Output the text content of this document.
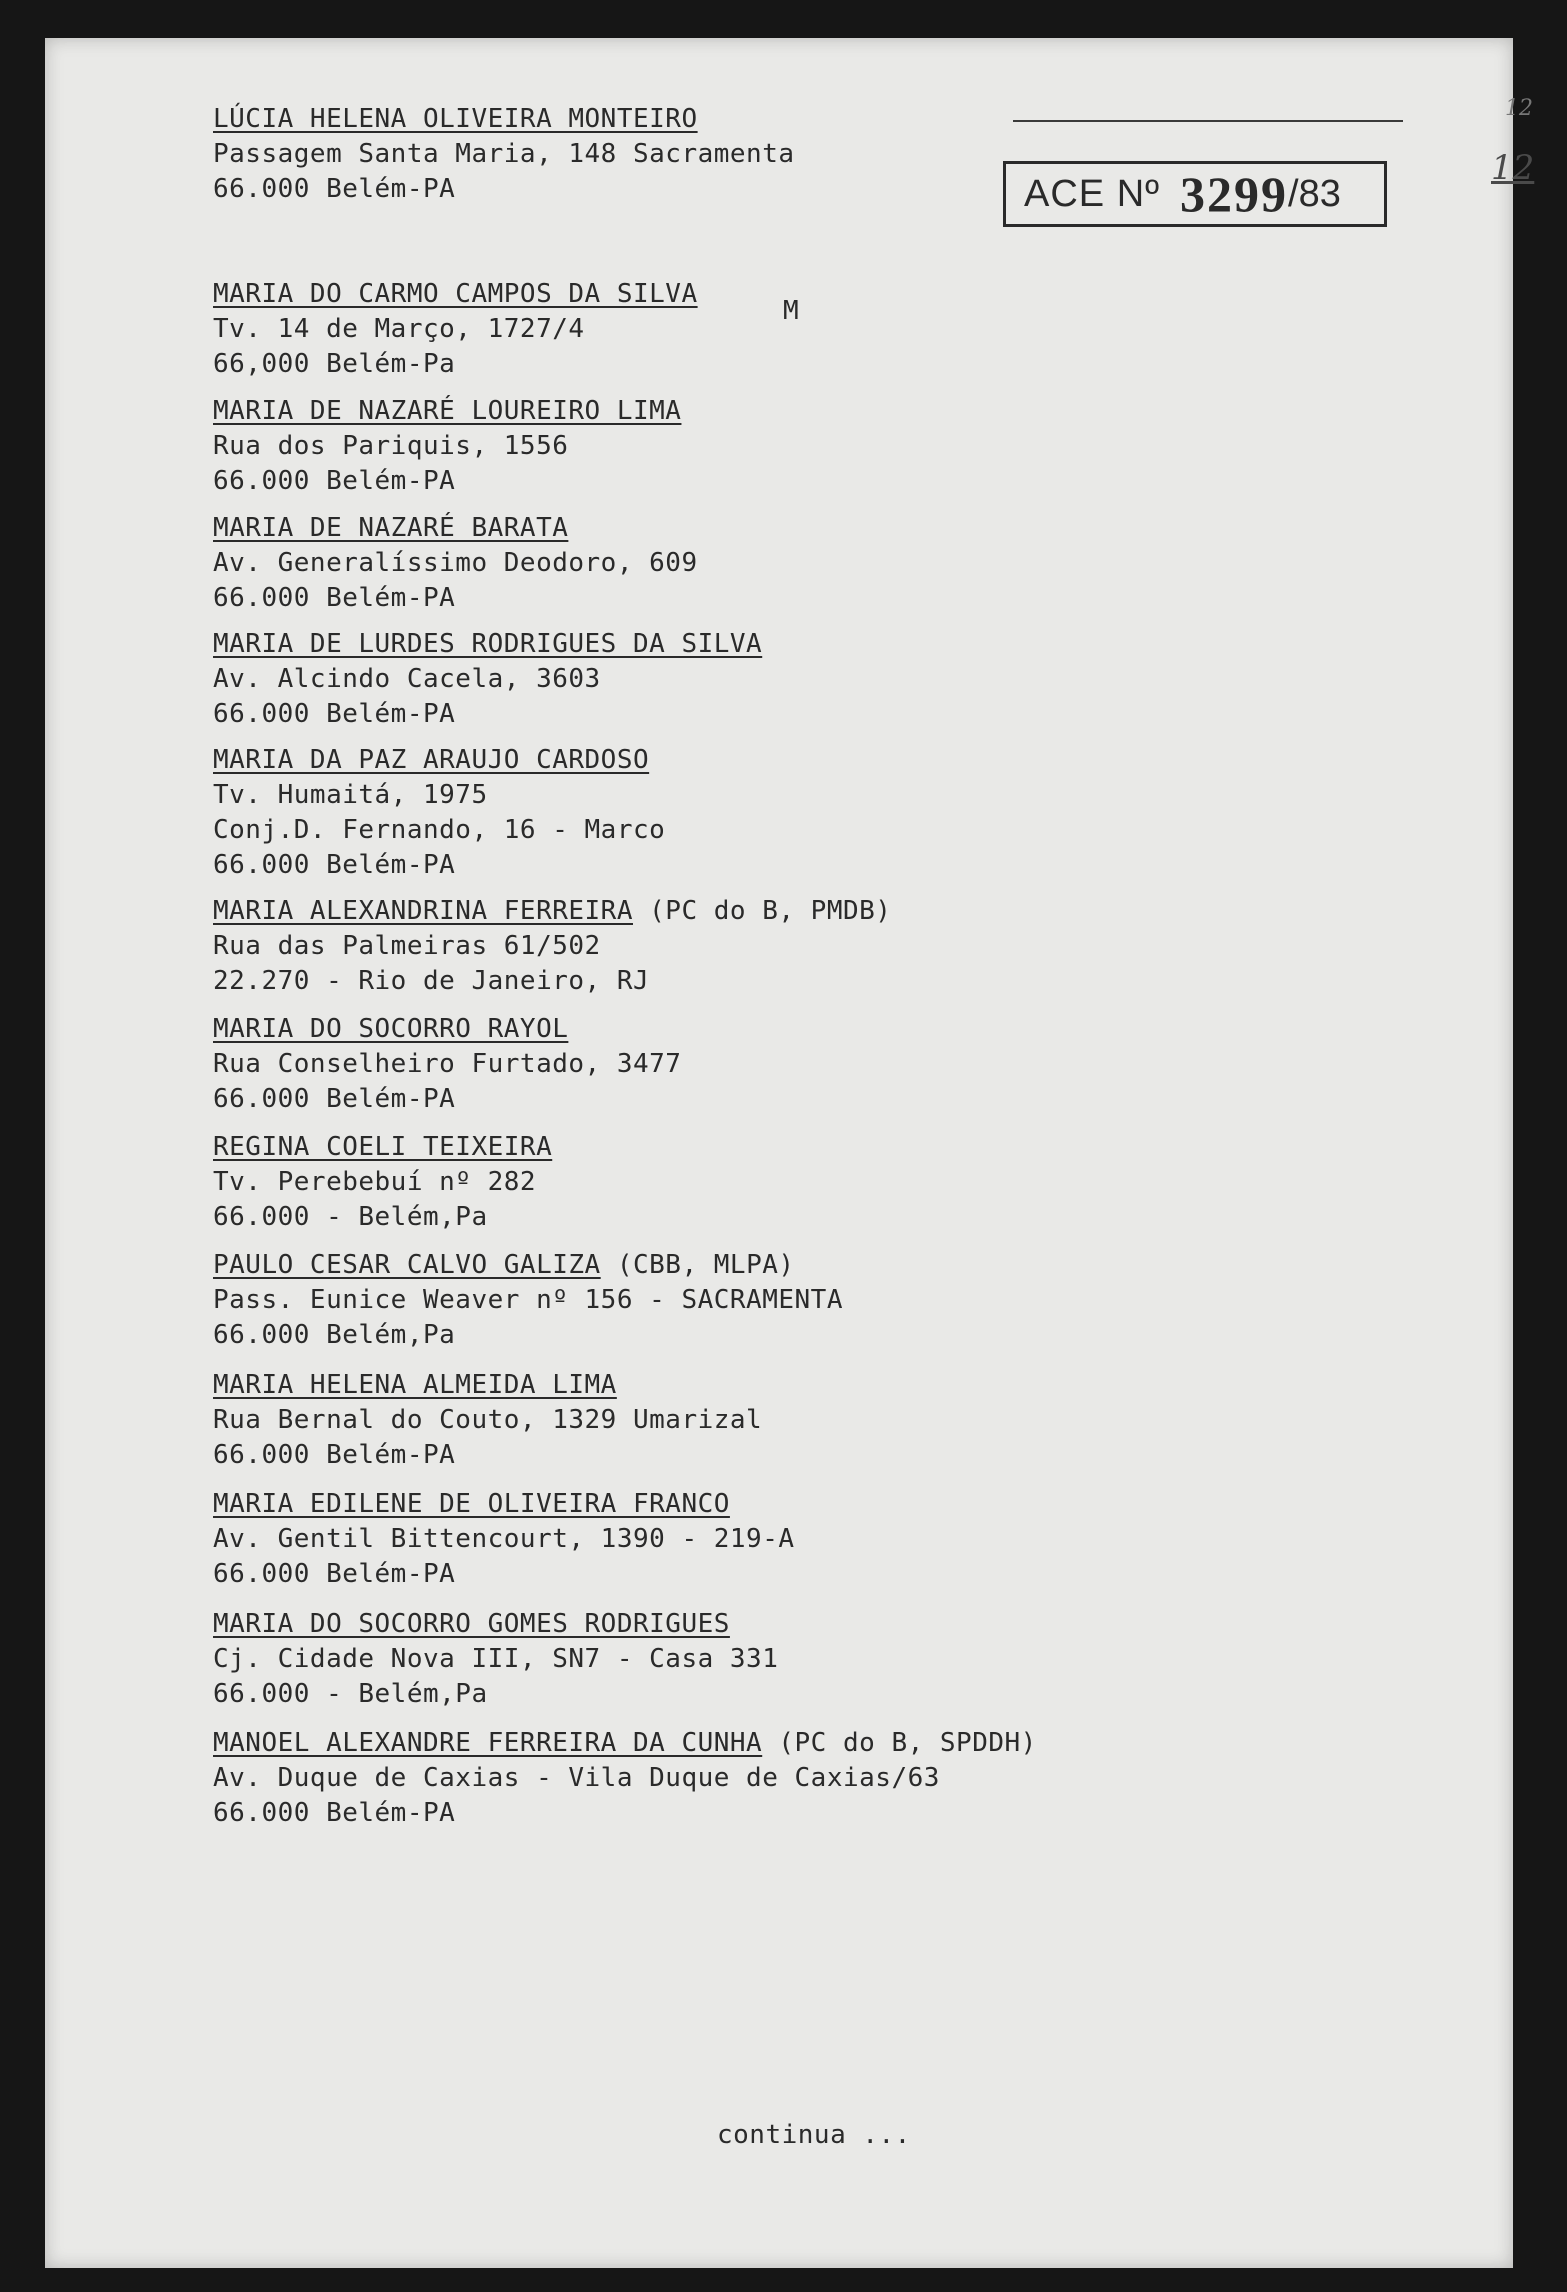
ACE Nº 3299 /83
12
12
M
LÚCIA HELENA OLIVEIRA MONTEIRO
Passagem Santa Maria, 148 Sacramenta
66.000 Belém-PA
MARIA DO CARMO CAMPOS DA SILVA
Tv. 14 de Março, 1727/4
66,000 Belém-Pa
MARIA DE NAZARÉ LOUREIRO LIMA
Rua dos Pariquis, 1556
66.000 Belém-PA
MARIA DE NAZARÉ BARATA
Av. Generalíssimo Deodoro, 609
66.000 Belém-PA
MARIA DE LURDES RODRIGUES DA SILVA
Av. Alcindo Cacela, 3603
66.000 Belém-PA
MARIA DA PAZ ARAUJO CARDOSO
Tv. Humaitá, 1975
Conj.D. Fernando, 16 - Marco
66.000 Belém-PA
MARIA ALEXANDRINA FERREIRA (PC do B, PMDB)
Rua das Palmeiras 61/502
22.270 - Rio de Janeiro, RJ
MARIA DO SOCORRO RAYOL
Rua Conselheiro Furtado, 3477
66.000 Belém-PA
REGINA COELI TEIXEIRA
Tv. Perebebuí nº 282
66.000 - Belém,Pa
PAULO CESAR CALVO GALIZA (CBB, MLPA)
Pass. Eunice Weaver nº 156 - SACRAMENTA
66.000 Belém,Pa
MARIA HELENA ALMEIDA LIMA
Rua Bernal do Couto, 1329 Umarizal
66.000 Belém-PA
MARIA EDILENE DE OLIVEIRA FRANCO
Av. Gentil Bittencourt, 1390 - 219-A
66.000 Belém-PA
MARIA DO SOCORRO GOMES RODRIGUES
Cj. Cidade Nova III, SN7 - Casa 331
66.000 - Belém,Pa
MANOEL ALEXANDRE FERREIRA DA CUNHA (PC do B, SPDDH)
Av. Duque de Caxias - Vila Duque de Caxias/63
66.000 Belém-PA
continua ...
